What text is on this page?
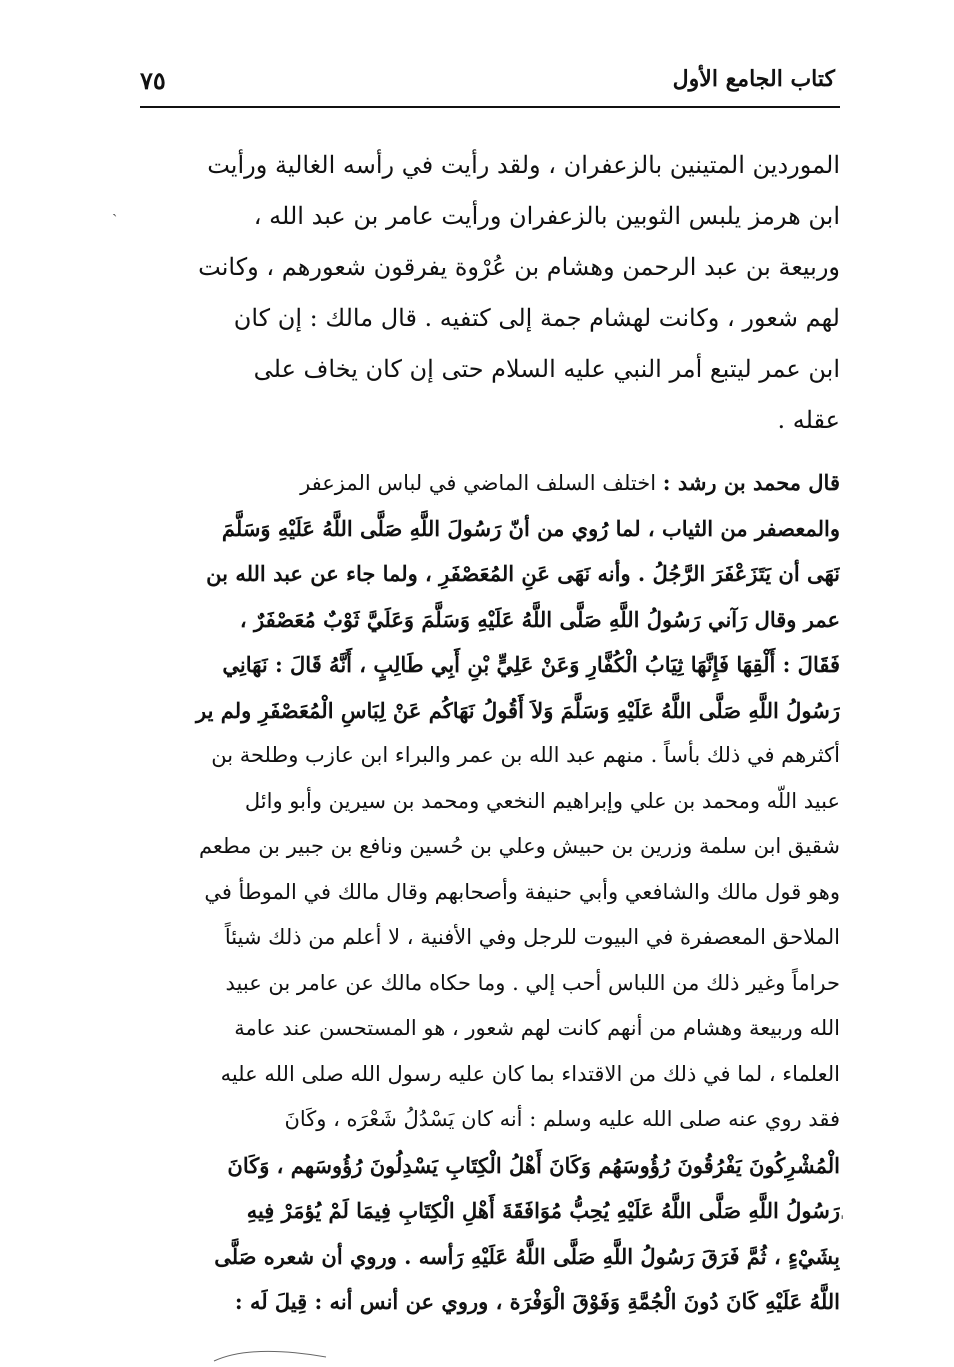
كتاب الجامع الأول
٧٥

الموردين المتينين بالزعفران ، ولقد رأيت في رأسه الغالية ورأيت

ابن هرمز يلبس الثوبين بالزعفران ورأيت عامر بن عبد الله ،

وربيعة بن عبد الرحمن وهشام بن عُرْوة يفرقون شعورهم ، وكانت

لهم شعور ، وكانت لهشام جمة إلى كتفيه . قال مالك : إن كان

ابن عمر ليتبع أمر النبي عليه السلام حتى إن كان يخاف على

عقله .

قال محمد بن رشد : اختلف السلف الماضي في لباس المزعفر

والمعصفر من الثياب ، لما رُوي من أنّ رَسُولَ اللَّهِ صَلَّى اللَّهُ عَلَيْهِ وَسَلَّمَ

نَهَى أن يَتَزَعْفَرَ الرَّجُلُ . وأنه نَهَى عَنِ المُعَصْفَرِ ، ولما جاء عن عبد الله بن

عمر وقال رَآني رَسُولُ اللَّهِ صَلَّى اللَّهُ عَلَيْهِ وَسَلَّمَ وَعَلَيَّ ثَوْبٌ مُعَصْفَرٌ ،

فَقَالَ : أَلْقِهَا فَإِنَّهَا ثِيَابُ الْكُفَّارِ وَعَنْ عَلِيٍّ بْنِ أَبِي طَالِبٍ ، أَنَّهُ قَالَ : نَهَانِي

رَسُولُ اللَّهِ صَلَّى اللَّهُ عَلَيْهِ وَسَلَّمَ وَلاَ أَقُولُ نَهَاكُم عَنْ لِبَاسِ الْمُعَصْفَرِ ولم ير

أكثرهم في ذلك بأساً . منهم عبد الله بن عمر والبراء ابن عازب وطلحة بن

عبيد اللّه ومحمد بن علي وإبراهيم النخعي ومحمد بن سيرين وأبو وائل

شقيق ابن سلمة وزرين بن حبيش وعلي بن حُسين ونافع بن جبير بن مطعم

وهو قول مالك والشافعي وأبي حنيفة وأصحابهم وقال مالك في الموطأ في

الملاحق المعصفرة في البيوت للرجل وفي الأفنية ، لا أعلم من ذلك شيئاً

حراماً وغير ذلك من اللباس أحب إلي . وما حكاه مالك عن عامر بن عبيد

الله وربيعة وهشام من أنهم كانت لهم شعور ، هو المستحسن عند عامة

العلماء ، لما في ذلك من الاقتداء بما كان عليه رسول الله صلى الله عليه

فقد روي عنه صلى الله عليه وسلم : أنه كان يَسْدُلُ شَعْرَه ، وكَانَ

الْمُشْرِكُونَ يَفْرُقُونَ رُؤُوسَهُم وَكَانَ أَهْلُ الْكِتَابِ يَسْدِلُونَ رُؤُوسَهم ، وَكَانَ

رَسُولُ اللَّهِ صَلَّى اللَّهُ عَلَيْهِ يُحِبُّ مُوَافَقَةَ أَهْلِ الْكِتَابِ فِيمَا لَمْ يُؤمَرْ فِيهِ

بِشَيْءٍ ، ثُمَّ فَرَقَ رَسُولُ اللَّهِ صَلَّى اللَّهُ عَلَيْهِ رَأسه . وروي أن شعره صَلَّى

اللَّهُ عَلَيْهِ كَانَ دُونَ الْجُمَّةِ وَفَوْقَ الْوَفْرَة ، وروي عن أنس أنه : قِيلَ لَه :

ˏ
ˌ
